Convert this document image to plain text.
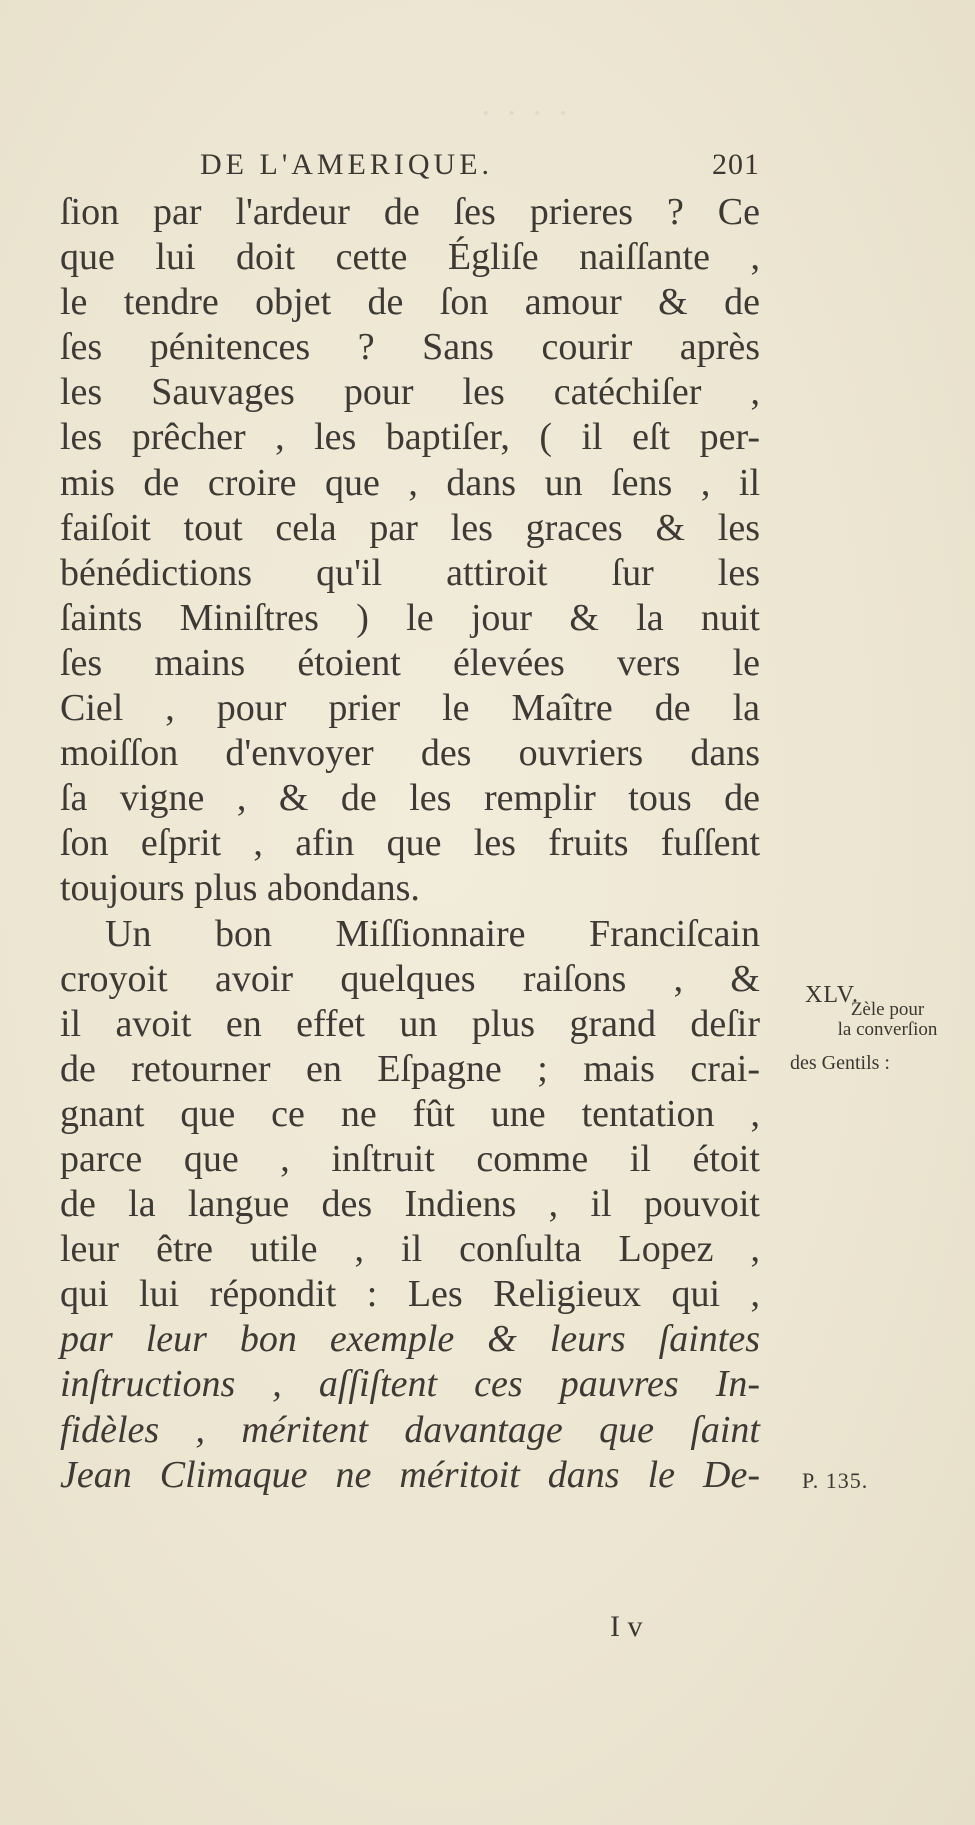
· · · ·
DE L'AMERIQUE.	201
ſion par l'ardeur de ſes prieres ? Ce
que lui doit cette Égliſe naiſſante ,
le tendre objet de ſon amour & de
ſes pénitences ? Sans courir après
les Sauvages pour les catéchiſer ,
les prêcher , les baptiſer, ( il eſt per-
mis de croire que , dans un ſens , il
faiſoit tout cela par les graces & les
bénédictions qu'il attiroit ſur les
ſaints Miniſtres ) le jour & la nuit
ſes mains étoient élevées vers le
Ciel , pour prier le Maître de la
moiſſon d'envoyer des ouvriers dans
ſa vigne , & de les remplir tous de
ſon eſprit , afin que les fruits fuſſent
toujours plus abondans.
Un bon Miſſionnaire Franciſcain
croyoit avoir quelques raiſons , &
il avoit en effet un plus grand deſir
de retourner en Eſpagne ; mais crai-
gnant que ce ne fût une tentation ,
parce que , inſtruit comme il étoit
de la langue des Indiens , il pouvoit
leur être utile , il conſulta Lopez ,
qui lui répondit : Les Religieux qui ,
par leur bon exemple & leurs ſaintes
inſtructions , aſſiſtent ces pauvres In-
fidèles , méritent davantage que ſaint
Jean Climaque ne méritoit dans le De-
XLV.
Zèle pour
la converſion
des Gentils :
P. 135.
I v
